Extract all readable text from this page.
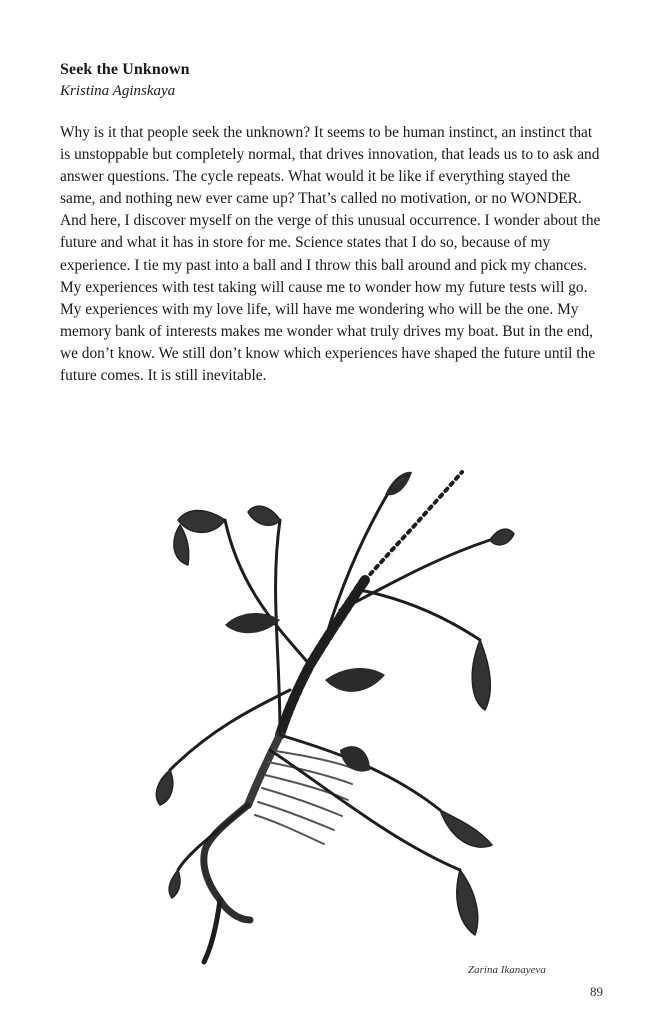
Seek the Unknown
Kristina Aginskaya

Why is it that people seek the unknown? It seems to be human instinct, an instinct that is unstoppable but completely normal, that drives innovation, that leads us to to ask and answer questions. The cycle repeats. What would it be like if everything stayed the same, and nothing new ever came up? That’s called no motivation, or no WONDER. And here, I discover myself on the verge of this unusual occurrence. I wonder about the future and what it has in store for me. Science states that I do so, because of my experience. I tie my past into a ball and I throw this ball around and pick my chances. My experiences with test taking will cause me to wonder how my future tests will go. My experiences with my love life, will have me wondering who will be the one. My memory bank of interests makes me wonder what truly drives my boat. But in the end, we don’t know. We still don’t know which experiences have shaped the future until the future comes. It is still inevitable.

Zarina Ikanayeva
89
